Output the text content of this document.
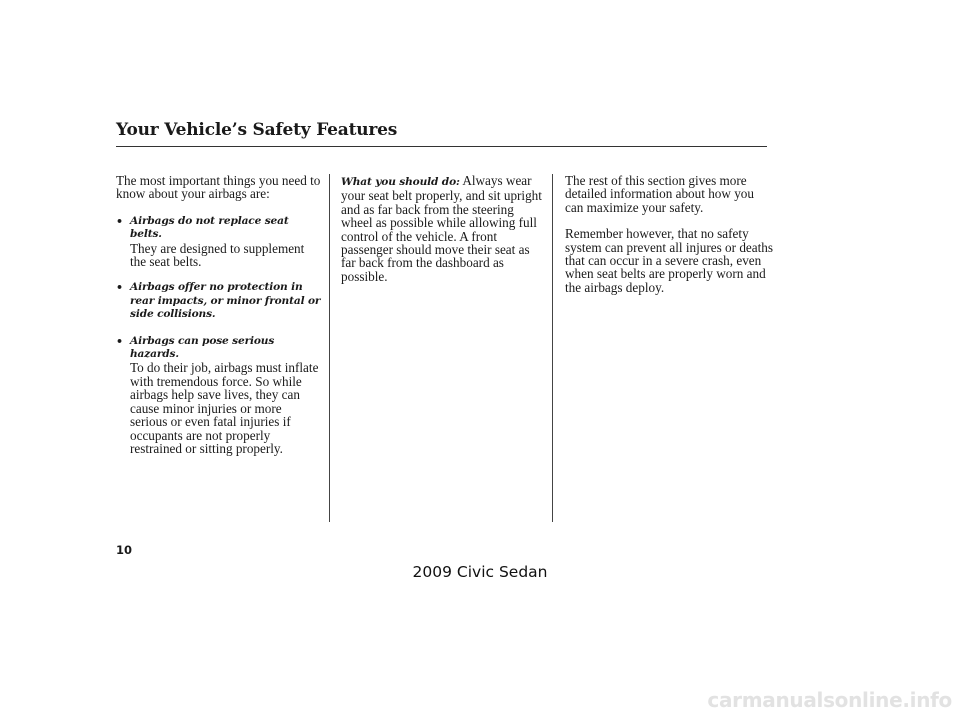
Your Vehicle’s Safety Features

The most important things you need to know about your airbags are:

• Airbags do not replace seat belts.

They are designed to supplement the seat belts.

• Airbags offer no protection in rear impacts, or minor frontal or side collisions.
• Airbags can pose serious hazards.

To do their job, airbags must inflate with tremendous force. So while airbags help save lives, they can cause minor injuries or more serious or even fatal injuries if occupants are not properly restrained or sitting properly.

What you should do: Always wear your seat belt properly, and sit upright and as far back from the steering wheel as possible while allowing full control of the vehicle. A front passenger should move their seat as far back from the dashboard as possible.

The rest of this section gives more detailed information about how you can maximize your safety.

Remember however, that no safety system can prevent all injures or deaths that can occur in a severe crash, even when seat belts are properly worn and the airbags deploy.

10
2009 Civic Sedan
carmanualsonline.info
